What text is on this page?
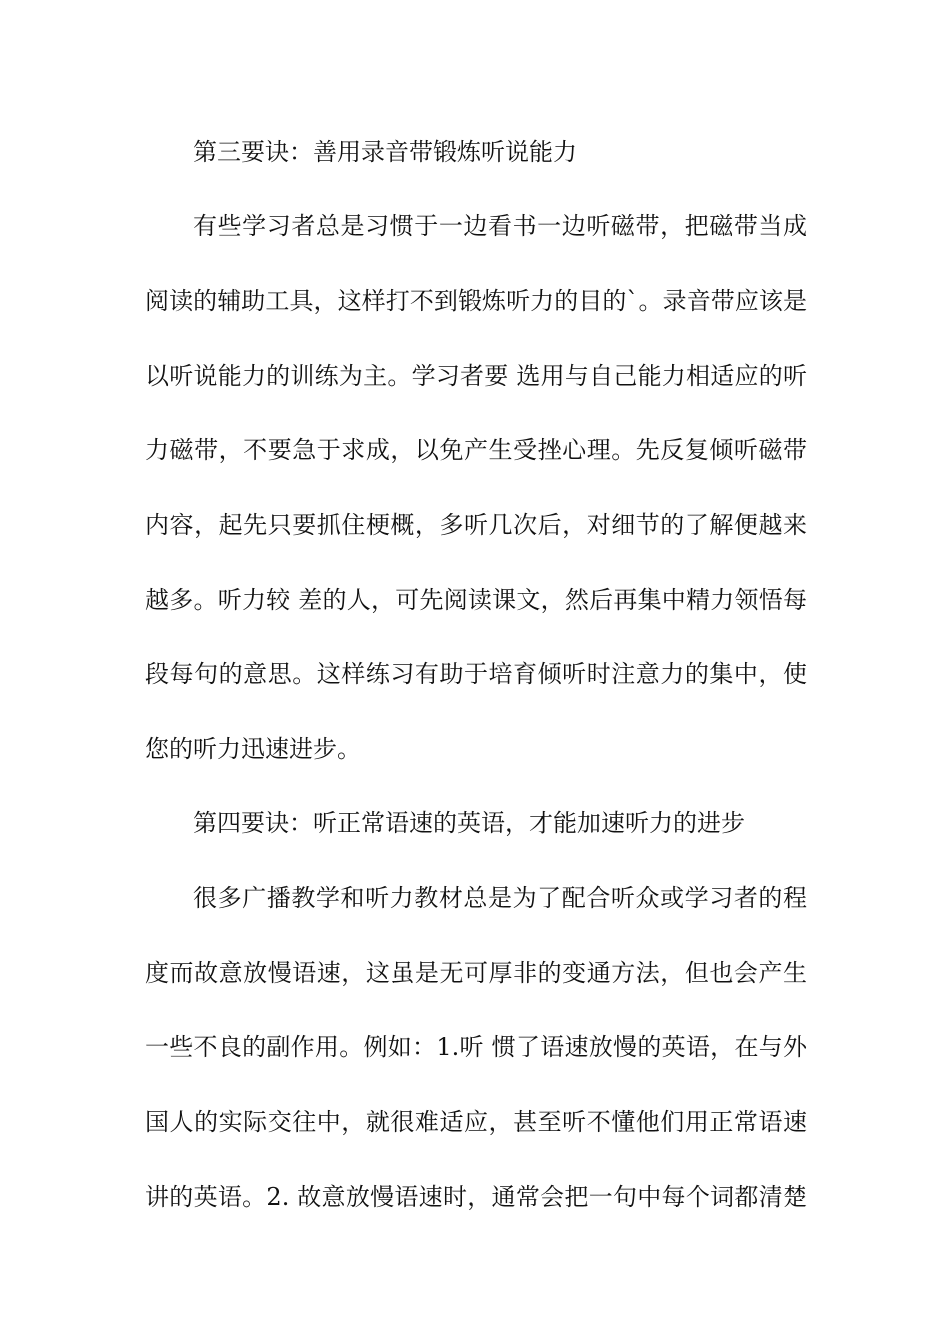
第三要诀：善用录音带锻炼听说能力
有些学习者总是习惯于一边看书一边听磁带，把磁带当成
阅读的辅助工具，这样打不到锻炼听力的目的`。录音带应该是
以听说能力的训练为主。学习者要 选用与自己能力相适应的听
力磁带，不要急于求成，以免产生受挫心理。先反复倾听磁带
内容，起先只要抓住梗概，多听几次后，对细节的了解便越来
越多。听力较 差的人，可先阅读课文，然后再集中精力领悟每
段每句的意思。这样练习有助于培育倾听时注意力的集中，使
您的听力迅速进步。
第四要诀：听正常语速的英语，才能加速听力的进步
很多广播教学和听力教材总是为了配合听众或学习者的程
度而故意放慢语速，这虽是无可厚非的变通方法，但也会产生
一些不良的副作用。例如：1.听 惯了语速放慢的英语，在与外
国人的实际交往中，就很难适应，甚至听不懂他们用正常语速
讲的英语。2. 故意放慢语速时，通常会把一句中每个词都清楚
